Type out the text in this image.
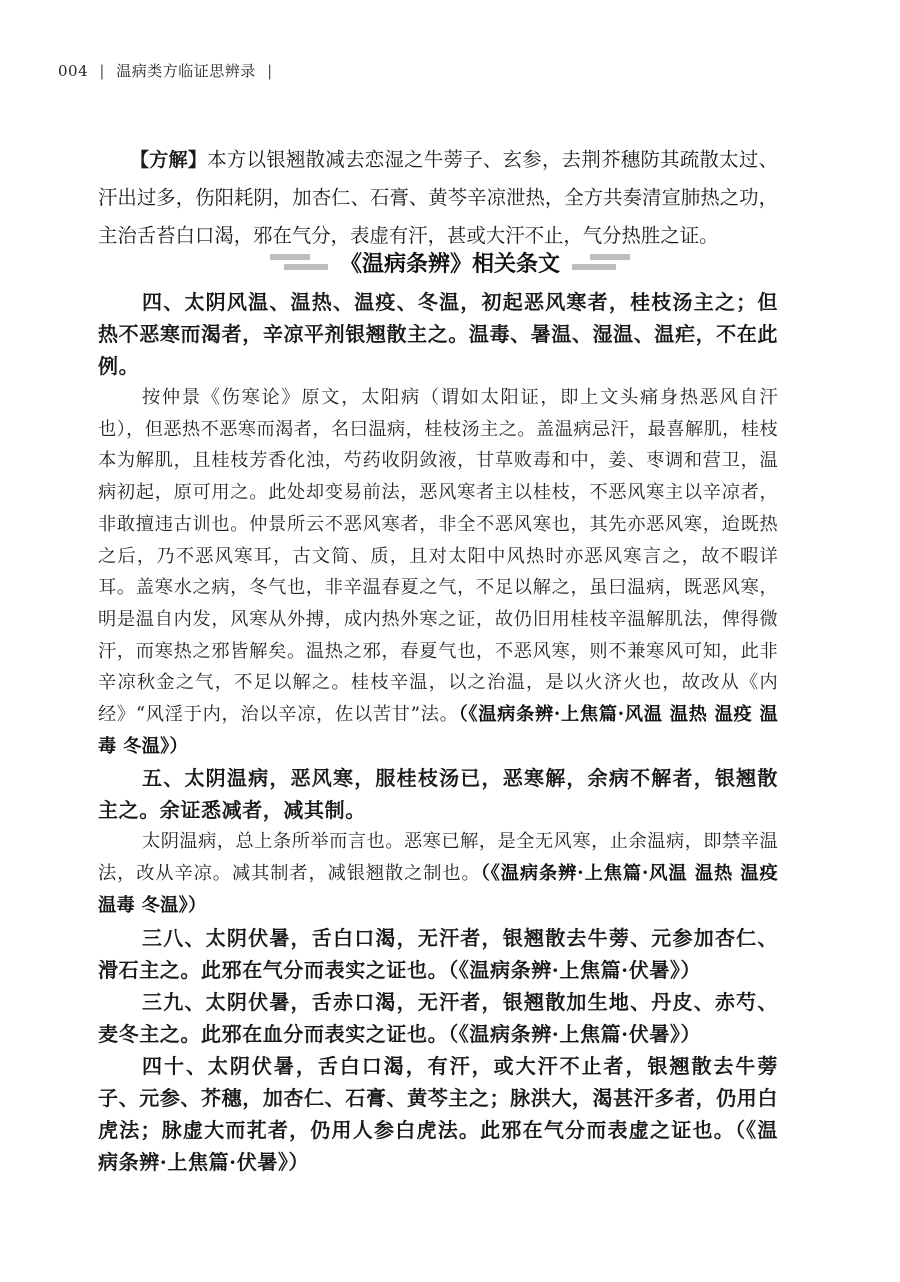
004 | 温病类方临证思辨录 |

【方解】本方以银翘散减去恋湿之牛蒡子、玄参，去荆芥穗防其疏散太过、汗出过多，伤阳耗阴，加杏仁、石膏、黄芩辛凉泄热，全方共奏清宣肺热之功，主治舌苔白口渴，邪在气分，表虚有汗，甚或大汗不止，气分热胜之证。

《温病条辨》相关条文

四、太阴风温、温热、温疫、冬温，初起恶风寒者，桂枝汤主之；但热不恶寒而渴者，辛凉平剂银翘散主之。温毒、暑温、湿温、温疟，不在此例。

按仲景《伤寒论》原文，太阳病（谓如太阳证，即上文头痛身热恶风自汗也），但恶热不恶寒而渴者，名曰温病，桂枝汤主之。盖温病忌汗，最喜解肌，桂枝本为解肌，且桂枝芳香化浊，芍药收阴敛液，甘草败毒和中，姜、枣调和营卫，温病初起，原可用之。此处却变易前法，恶风寒者主以桂枝，不恶风寒主以辛凉者，非敢擅违古训也。仲景所云不恶风寒者，非全不恶风寒也，其先亦恶风寒，迨既热之后，乃不恶风寒耳，古文简、质，且对太阳中风热时亦恶风寒言之，故不暇详耳。盖寒水之病，冬气也，非辛温春夏之气，不足以解之，虽曰温病，既恶风寒，明是温自内发，风寒从外搏，成内热外寒之证，故仍旧用桂枝辛温解肌法，俾得微汗，而寒热之邪皆解矣。温热之邪，春夏气也，不恶风寒，则不兼寒风可知，此非辛凉秋金之气，不足以解之。桂枝辛温，以之治温，是以火济火也，故改从《内经》“风淫于内，治以辛凉，佐以苦甘”法。（《温病条辨·上焦篇·风温 温热 温疫 温毒 冬温》）

五、太阴温病，恶风寒，服桂枝汤已，恶寒解，余病不解者，银翘散主之。余证悉减者，减其制。

太阴温病，总上条所举而言也。恶寒已解，是全无风寒，止余温病，即禁辛温法，改从辛凉。减其制者，减银翘散之制也。（《温病条辨·上焦篇·风温 温热 温疫 温毒 冬温》）

三八、太阴伏暑，舌白口渴，无汗者，银翘散去牛蒡、元参加杏仁、滑石主之。此邪在气分而表实之证也。（《温病条辨·上焦篇·伏暑》）

三九、太阴伏暑，舌赤口渴，无汗者，银翘散加生地、丹皮、赤芍、麦冬主之。此邪在血分而表实之证也。（《温病条辨·上焦篇·伏暑》）

四十、太阴伏暑，舌白口渴，有汗，或大汗不止者，银翘散去牛蒡子、元参、芥穗，加杏仁、石膏、黄芩主之；脉洪大，渴甚汗多者，仍用白虎法；脉虚大而芤者，仍用人参白虎法。此邪在气分而表虚之证也。（《温病条辨·上焦篇·伏暑》）
